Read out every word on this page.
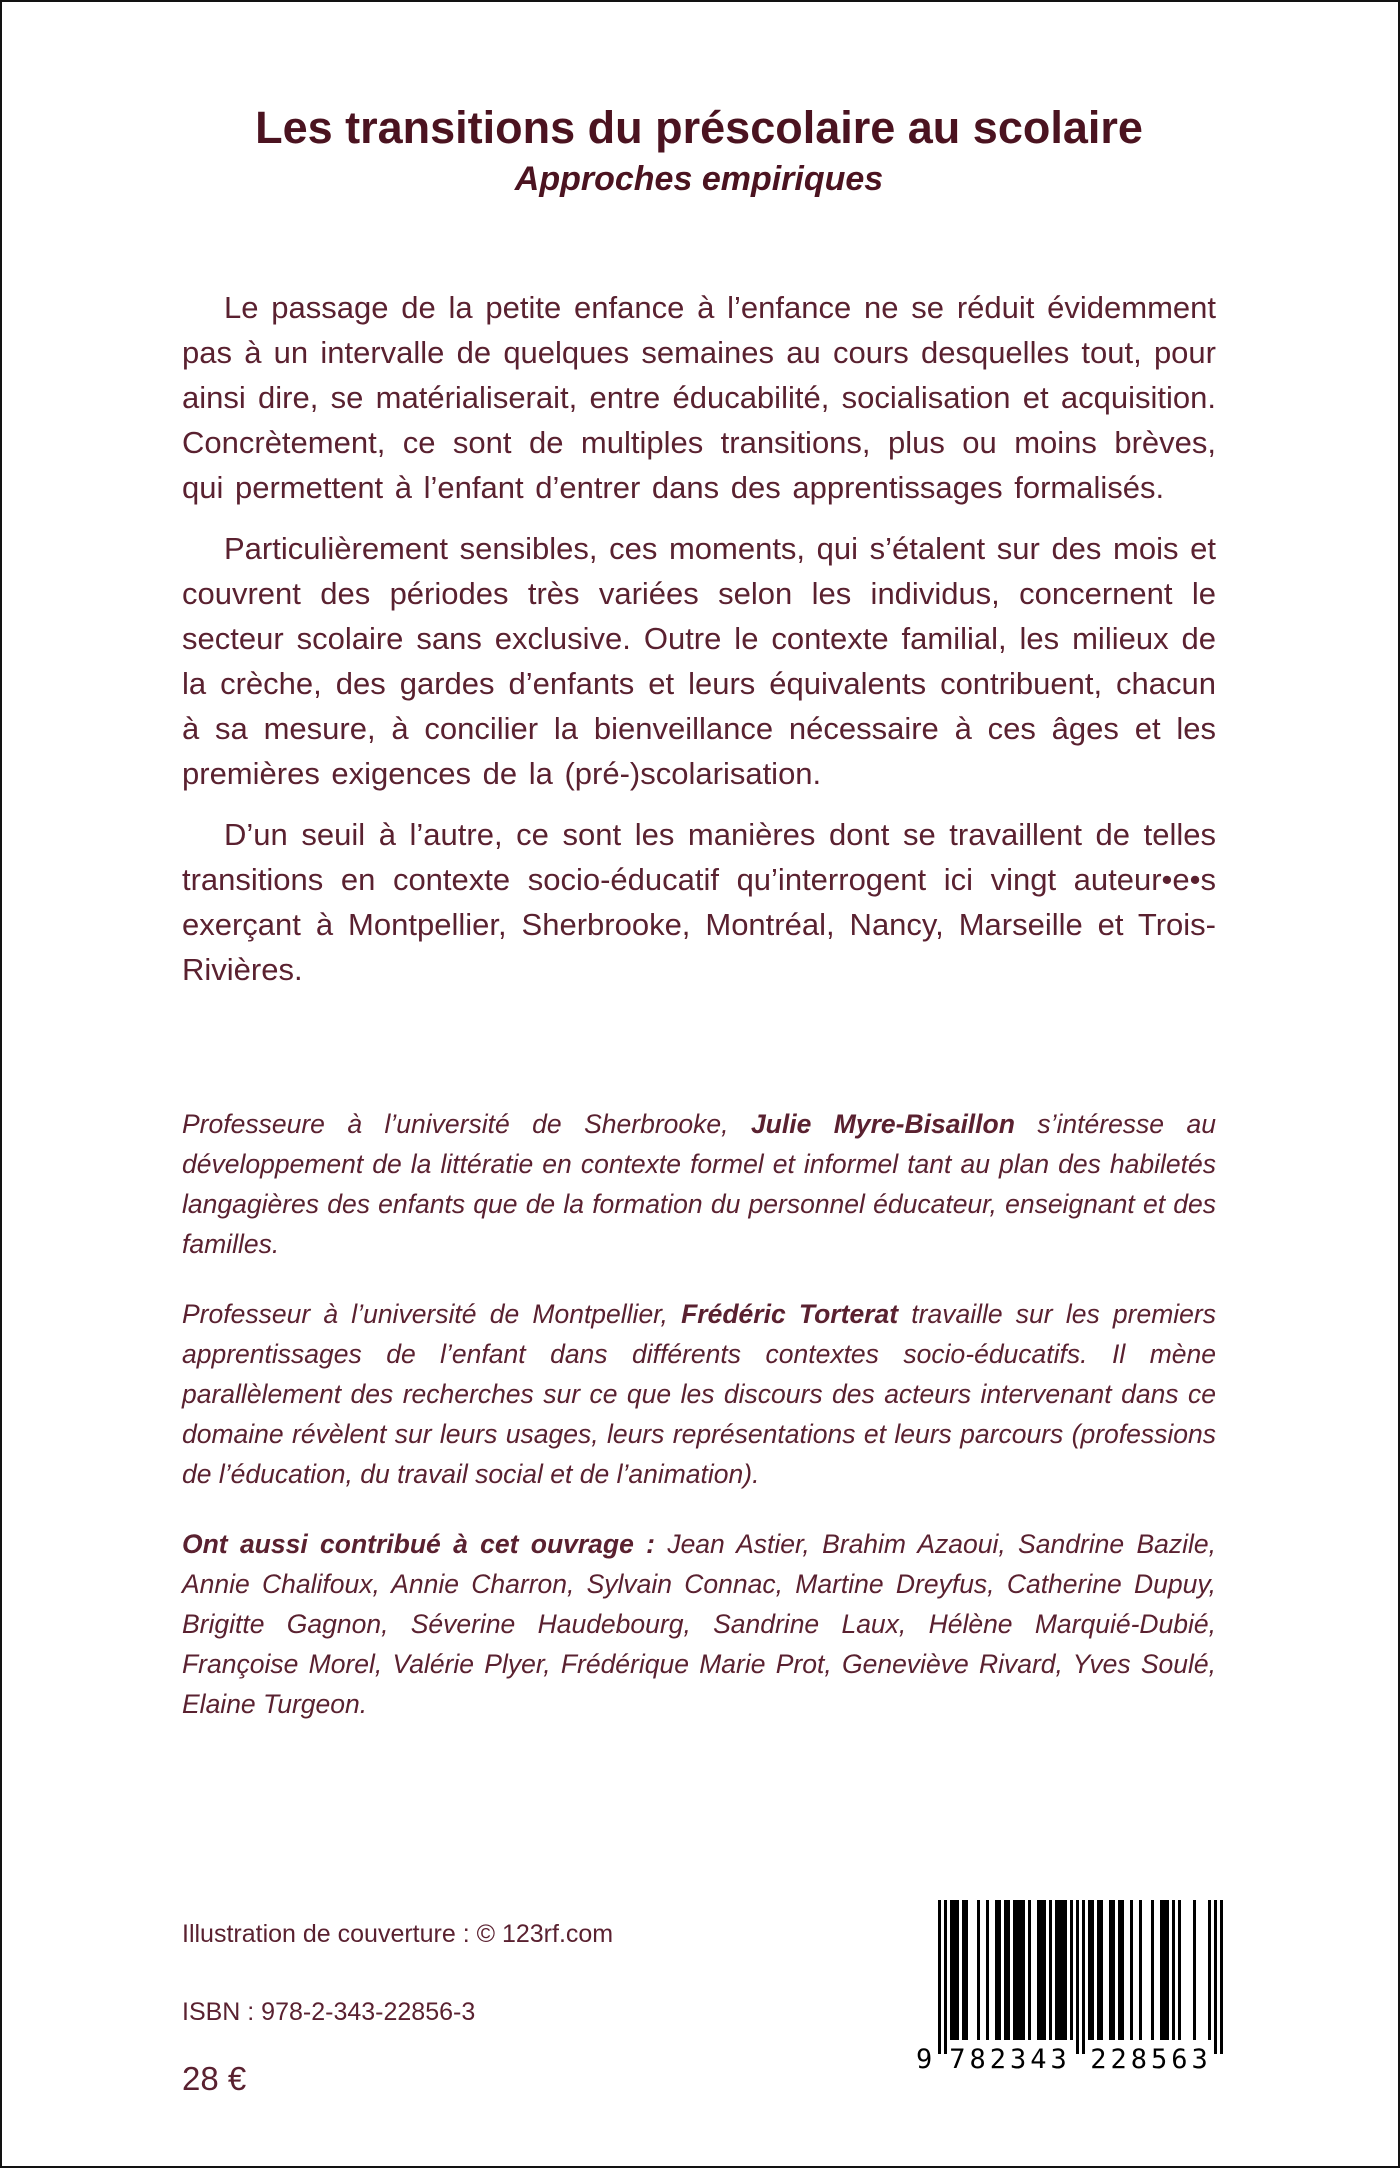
Les transitions du préscolaire au scolaire
Approches empiriques

Le passage de la petite enfance à l’enfance ne se réduit évidemment pas à un intervalle de quelques semaines au cours desquelles tout, pour ainsi dire, se matérialiserait, entre éducabilité, socialisation et acquisition. Concrètement, ce sont de multiples transitions, plus ou moins brèves, qui permettent à l’enfant d’entrer dans des apprentissages formalisés.

Particulièrement sensibles, ces moments, qui s’étalent sur des mois et couvrent des périodes très variées selon les individus, concernent le secteur scolaire sans exclusive. Outre le contexte familial, les milieux de la crèche, des gardes d’enfants et leurs équivalents contribuent, chacun à sa mesure, à concilier la bienveillance nécessaire à ces âges et les premières exigences de la (pré-)scolarisation.

D’un seuil à l’autre, ce sont les manières dont se travaillent de telles transitions en contexte socio-éducatif qu’interrogent ici vingt auteur•e•s exerçant à Montpellier, Sherbrooke, Montréal, Nancy, Marseille et Trois-Rivières.

Professeure à l’université de Sherbrooke, Julie Myre-Bisaillon s’intéresse au développement de la littératie en contexte formel et informel tant au plan des habiletés langagières des enfants que de la formation du personnel éducateur, enseignant et des familles.

Professeur à l’université de Montpellier, Frédéric Torterat travaille sur les premiers apprentissages de l’enfant dans différents contextes socio-éducatifs. Il mène parallèlement des recherches sur ce que les discours des acteurs intervenant dans ce domaine révèlent sur leurs usages, leurs représentations et leurs parcours (professions de l’éducation, du travail social et de l’animation).

Ont aussi contribué à cet ouvrage : Jean Astier, Brahim Azaoui, Sandrine Bazile, Annie Chalifoux, Annie Charron, Sylvain Connac, Martine Dreyfus, Catherine Dupuy, Brigitte Gagnon, Séverine Haudebourg, Sandrine Laux, Hélène Marquié-Dubié, Françoise Morel, Valérie Plyer, Frédérique Marie Prot, Geneviève Rivard, Yves Soulé, Elaine Turgeon.

Illustration de couverture : © 123rf.com

ISBN : 978-2-343-22856-3

28 €

9 782343 228563
